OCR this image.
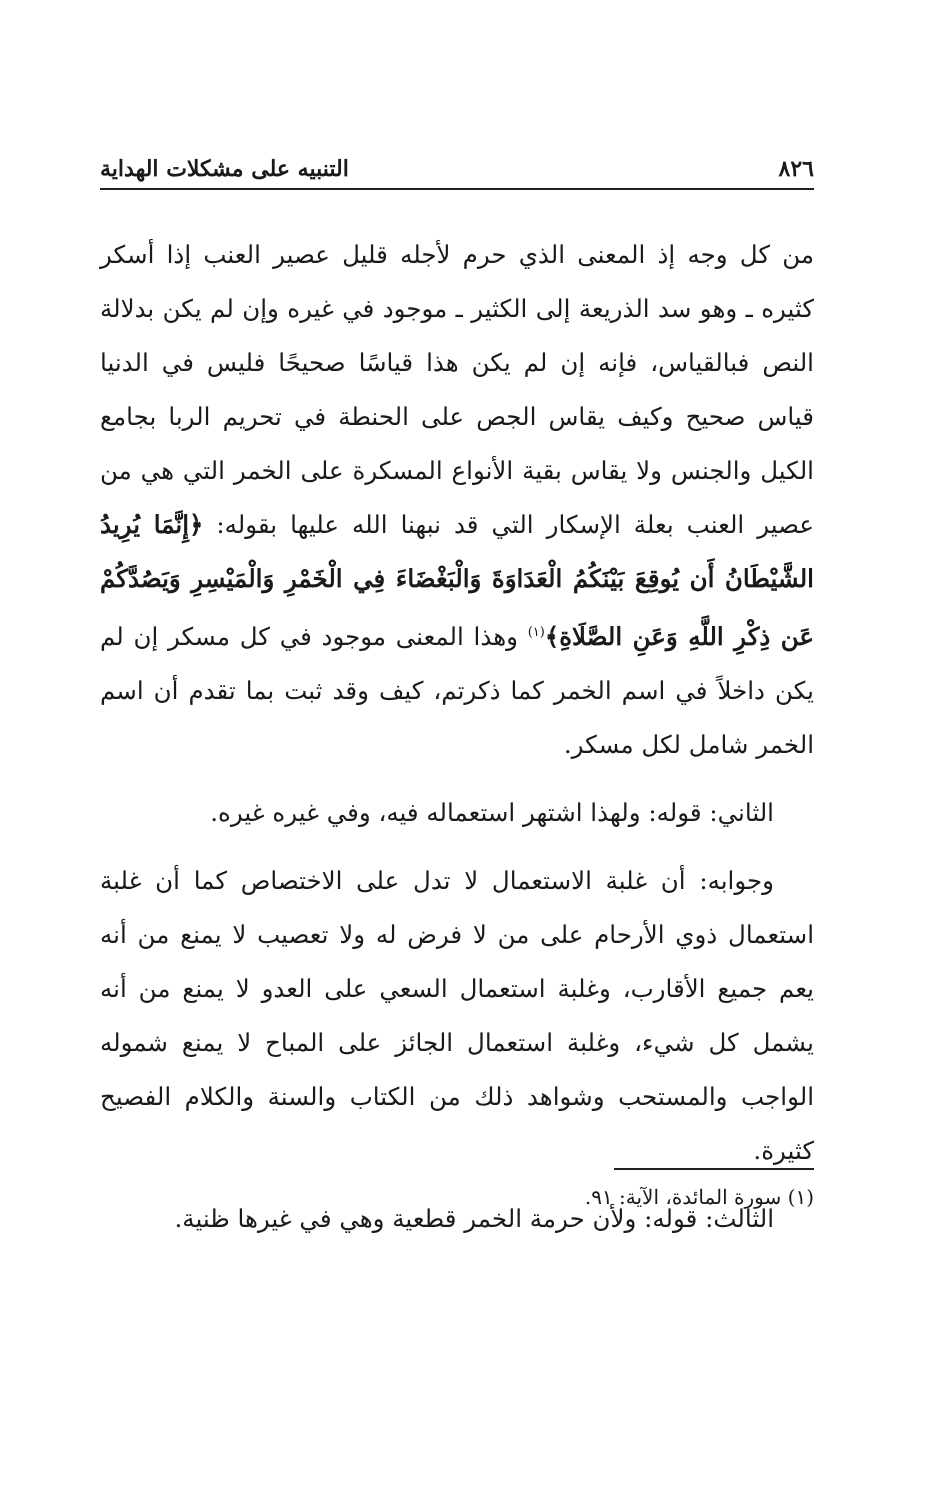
٨٢٦
التنبيه على مشكلات الهداية

من كل وجه إذ المعنى الذي حرم لأجله قليل عصير العنب إذا أسكر كثيره ـ وهو سد الذريعة إلى الكثير ـ موجود في غيره وإن لم يكن بدلالة النص فبالقياس، فإنه إن لم يكن هذا قياسًا صحيحًا فليس في الدنيا قياس صحيح وكيف يقاس الجص على الحنطة في تحريم الربا بجامع الكيل والجنس ولا يقاس بقية الأنواع المسكرة على الخمر التي هي من عصير العنب بعلة الإسكار التي قد نبهنا الله عليها بقوله: ﴿إِنَّمَا يُرِيدُ الشَّيْطَانُ أَن يُوقِعَ بَيْنَكُمُ الْعَدَاوَةَ وَالْبَغْضَاءَ فِي الْخَمْرِ وَالْمَيْسِرِ وَيَصُدَّكُمْ عَن ذِكْرِ اللَّهِ وَعَنِ الصَّلَاةِ﴾$^{(١)}$ وهذا المعنى موجود في كل مسكر إن لم يكن داخلاً في اسم الخمر كما ذكرتم، كيف وقد ثبت بما تقدم أن اسم الخمر شامل لكل مسكر.

الثاني: قوله: ولهذا اشتهر استعماله فيه، وفي غيره غيره.

وجوابه: أن غلبة الاستعمال لا تدل على الاختصاص كما أن غلبة استعمال ذوي الأرحام على من لا فرض له ولا تعصيب لا يمنع من أنه يعم جميع الأقارب، وغلبة استعمال السعي على العدو لا يمنع من أنه يشمل كل شيء، وغلبة استعمال الجائز على المباح لا يمنع شموله الواجب والمستحب وشواهد ذلك من الكتاب والسنة والكلام الفصيح كثيرة.

الثالث: قوله: ولأن حرمة الخمر قطعية وهي في غيرها ظنية.

(١) سورة المائدة، الآية: ٩١.
